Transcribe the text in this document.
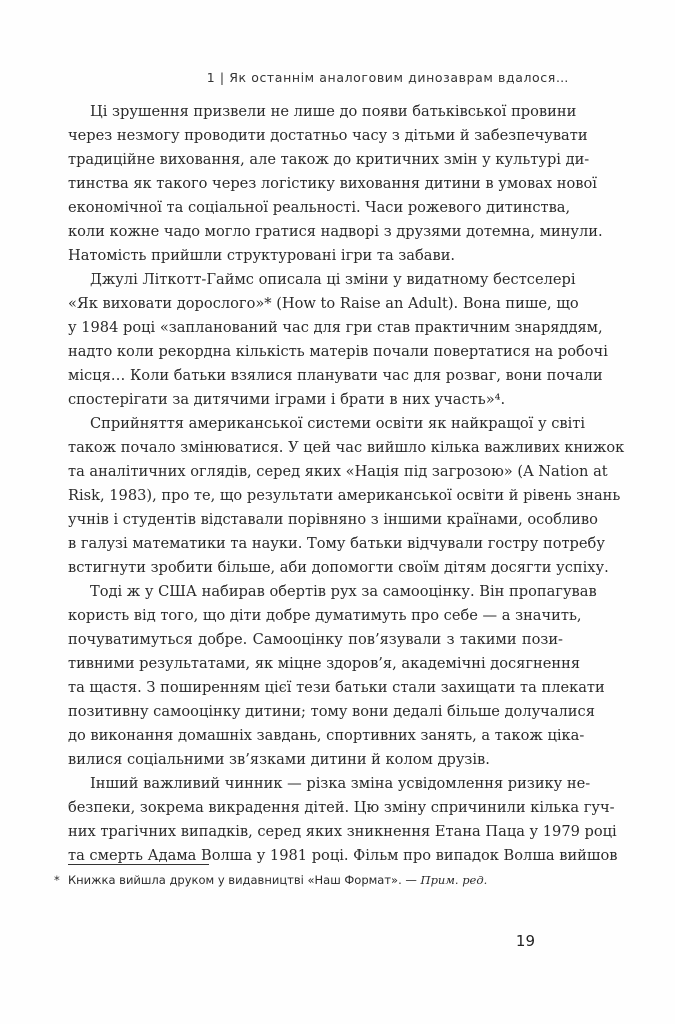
1 | Як останнім аналоговим динозаврам вдалося…
Ці зрушення призвели не лише до появи батьківської провини
через незмогу проводити достатньо часу з дітьми й забезпечувати
традиційне виховання, але також до критичних змін у культурі ди-
тинства як такого через логістику виховання дитини в умовах нової
економічної та соціальної реальності. Часи рожевого дитинства,
коли кожне чадо могло гратися надворі з друзями дотемна, минули.
Натомість прийшли структуровані ігри та забави.
Джулі Літкотт-Гаймс описала ці зміни у видатному бестселері
«Як виховати дорослого»* (How to Raise an Adult). Вона пише, що
у 1984 році «запланований час для гри став практичним знаряддям,
надто коли рекордна кількість матерів почали повертатися на робочі
місця… Коли батьки взялися планувати час для розваг, вони почали
спостерігати за дитячими іграми і брати в них участь»⁴.
Сприйняття американської системи освіти як найкращої у світі
також почало змінюватися. У цей час вийшло кілька важливих книжок
та аналітичних оглядів, серед яких «Нація під загрозою» (A Nation at
Risk, 1983), про те, що результати американської освіти й рівень знань
учнів і студентів відставали порівняно з іншими країнами, особливо
в галузі математики та науки. Тому батьки відчували гостру потребу
встигнути зробити більше, аби допомогти своїм дітям досягти успіху.
Тоді ж у США набирав обертів рух за самооцінку. Він пропагував
користь від того, що діти добре думатимуть про себе — а значить,
почуватимуться добре. Самооцінку пов’язували з такими пози-
тивними результатами, як міцне здоров’я, академічні досягнення
та щастя. З поширенням цієї тези батьки стали захищати та плекати
позитивну самооцінку дитини; тому вони дедалі більше долучалися
до виконання домашніх завдань, спортивних занять, а також ціка-
вилися соціальними зв’язками дитини й колом друзів.
Інший важливий чинник — різка зміна усвідомлення ризику не-
безпеки, зокрема викрадення дітей. Цю зміну спричинили кілька гуч-
них трагічних випадків, серед яких зникнення Етана Паца у 1979 році
та смерть Адама Волша у 1981 році. Фільм про випадок Волша вийшов
* Книжка вийшла друком у видавництві «Наш Формат». — Прим. ред.
19
